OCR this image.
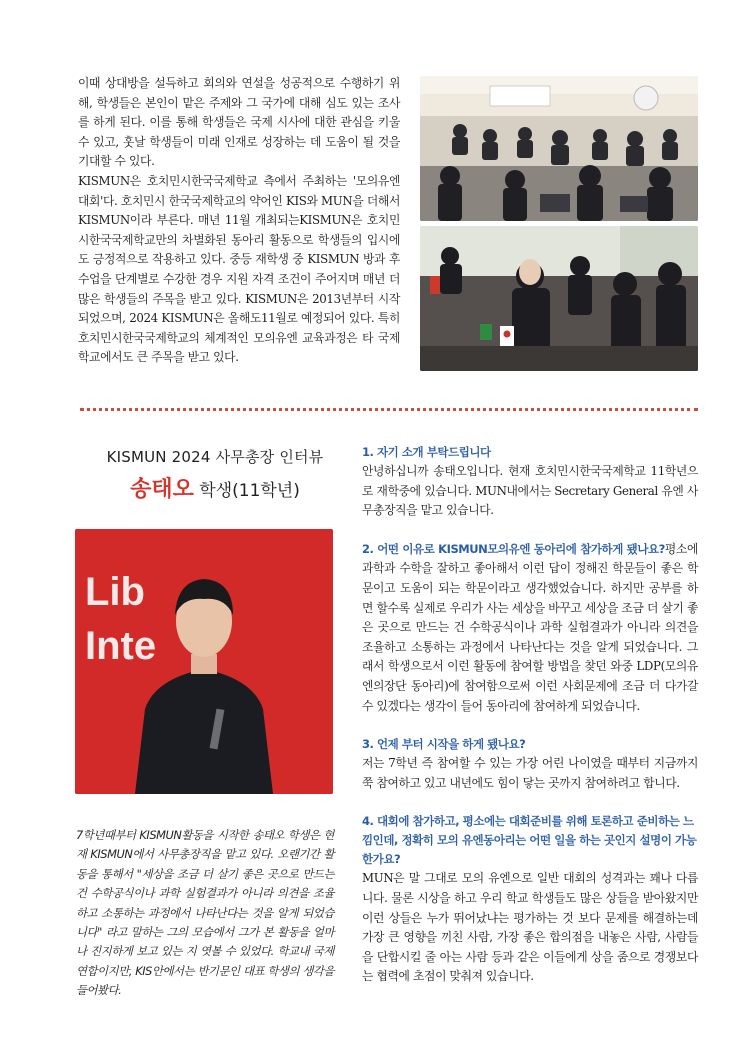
이때 상대방을 설득하고 회의와 연설을 성공적으로 수행하기 위해, 학생들은 본인이 맡은 주제와 그 국가에 대해 심도 있는 조사를 하게 된다. 이를 통해 학생들은 국제 시사에 대한 관심을 키울 수 있고, 훗날 학생들이 미래 인재로 성장하는 데 도움이 될 것을 기대할 수 있다.

KISMUN은 호치민시한국국제학교 측에서 주최하는 '모의유엔대회'다. 호치민시 한국국제학교의 약어인 KIS와 MUN을 더해서 KISMUN이라 부른다. 매년 11월 개최되는KISMUN은 호치민시한국국제학교만의 차별화된 동아리 활동으로 학생들의 입시에도 긍정적으로 작용하고 있다. 중등 재학생 중 KISMUN 방과 후 수업을 단계별로 수강한 경우 지원 자격 조건이 주어지며 매년 더 많은 학생들의 주목을 받고 있다. KISMUN은 2013년부터 시작되었으며, 2024 KISMUN은 올해도11월로 예정되어 있다. 특히 호치민시한국국제학교의 체계적인 모의유엔 교육과정은 타 국제학교에서도 큰 주목을 받고 있다.

KISMUN 2024 사무총장 인터뷰
송태오 학생(11학년)
Lib
Inte

7학년때부터 KISMUN활동을 시작한 송태오 학생은 현재 KISMUN에서 사무총장직을 맡고 있다. 오랜기간 활동을 통해서 "세상을 조금 더 살기 좋은 곳으로 만드는 건 수학공식이나 과학 실험결과가 아니라 의견을 조율하고 소통하는 과정에서 나타난다는 것을 알게 되었습니다" 라고 말하는 그의 모습에서 그가 본 활동을 얼마나 진지하게 보고 있는 지 엿볼 수 있었다. 학교내 국제연합이지만, KIS안에서는 반기문인 대표 학생의 생각을 들어봤다.

1. 자기 소개 부탁드립니다

안녕하십니까 송태오입니다. 현재 호치민시한국국제학교 11학년으로 재학중에 있습니다. MUN내에서는 Secretary General 유엔 사무총장직을 맡고 있습니다.

2. 어떤 이유로 KISMUN모의유엔 동아리에 참가하게 됐나요?평소에 과학과 수학을 잘하고 좋아해서 이런 답이 정해진 학문들이 좋은 학문이고 도움이 되는 학문이라고 생각했었습니다. 하지만 공부를 하면 할수록 실제로 우리가 사는 세상을 바꾸고 세상을 조금 더 살기 좋은 곳으로 만드는 건 수학공식이나 과학 실험결과가 아니라 의견을 조율하고 소통하는 과정에서 나타난다는 것을 알게 되었습니다. 그래서 학생으로서 이런 활동에 참여할 방법을 찾던 와중 LDP(모의유엔의장단 동아리)에 참여함으로써 이런 사회문제에 조금 더 다가갈 수 있겠다는 생각이 들어 동아리에 참여하게 되었습니다.

3. 언제 부터 시작을 하게 됐나요?

저는 7학년 즉 참여할 수 있는 가장 어린 나이였을 때부터 지금까지 쭉 참여하고 있고 내년에도 힘이 닿는 곳까지 참여하려고 합니다.

4. 대회에 참가하고, 평소에는 대회준비를 위해 토론하고 준비하는 느낌인데, 정확히 모의 유엔동아리는 어떤 일을 하는 곳인지 설명이 가능한가요?

MUN은 말 그대로 모의 유엔으로 일반 대회의 성격과는 꽤나 다릅니다. 물론 시상을 하고 우리 학교 학생들도 많은 상들을 받아왔지만 이런 상들은 누가 뛰어났냐는 평가하는 것 보다 문제를 해결하는데 가장 큰 영향을 끼친 사람, 가장 좋은 합의점을 내놓은 사람, 사람들을 단합시킬 줄 아는 사람 등과 같은 이들에게 상을 줌으로 경쟁보다는 협력에 초점이 맞춰져 있습니다.
